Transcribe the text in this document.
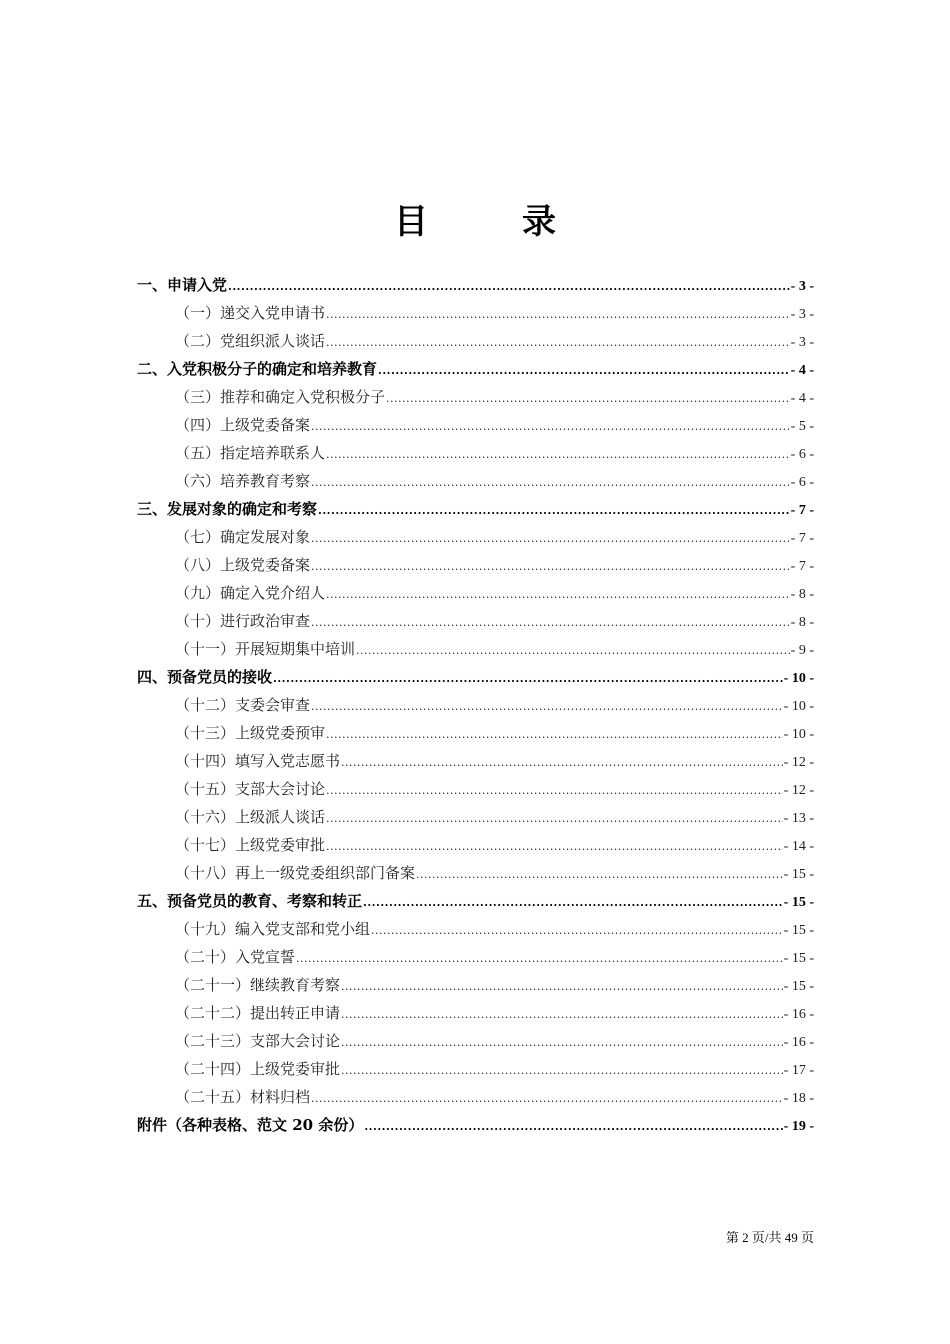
目　录
一、申请入党 .....	- 3 -
（一）递交入党申请书 .....	- 3 -
（二）党组织派人谈话 .....	- 3 -
二、入党积极分子的确定和培养教育 .....	- 4 -
（三）推荐和确定入党积极分子 .....	- 4 -
（四）上级党委备案 .....	- 5 -
（五）指定培养联系人 .....	- 6 -
（六）培养教育考察 .....	- 6 -
三、发展对象的确定和考察 .....	- 7 -
（七）确定发展对象 .....	- 7 -
（八）上级党委备案 .....	- 7 -
（九）确定入党介绍人 .....	- 8 -
（十）进行政治审查 .....	- 8 -
（十一）开展短期集中培训 .....	- 9 -
四、预备党员的接收 .....	- 10 -
（十二）支委会审查 .....	- 10 -
（十三）上级党委预审 .....	- 10 -
（十四）填写入党志愿书 .....	- 12 -
（十五）支部大会讨论 .....	- 12 -
（十六）上级派人谈话 .....	- 13 -
（十七）上级党委审批 .....	- 14 -
（十八）再上一级党委组织部门备案 .....	- 15 -
五、预备党员的教育、考察和转正 .....	- 15 -
（十九）编入党支部和党小组 .....	- 15 -
（二十）入党宣誓 .....	- 15 -
（二十一）继续教育考察 .....	- 15 -
（二十二）提出转正申请 .....	- 16 -
（二十三）支部大会讨论 .....	- 16 -
（二十四）上级党委审批 .....	- 17 -
（二十五）材料归档 .....	- 18 -
附件（各种表格、范文 20 余份） .....	- 19 -
第 2 页/共 49 页
